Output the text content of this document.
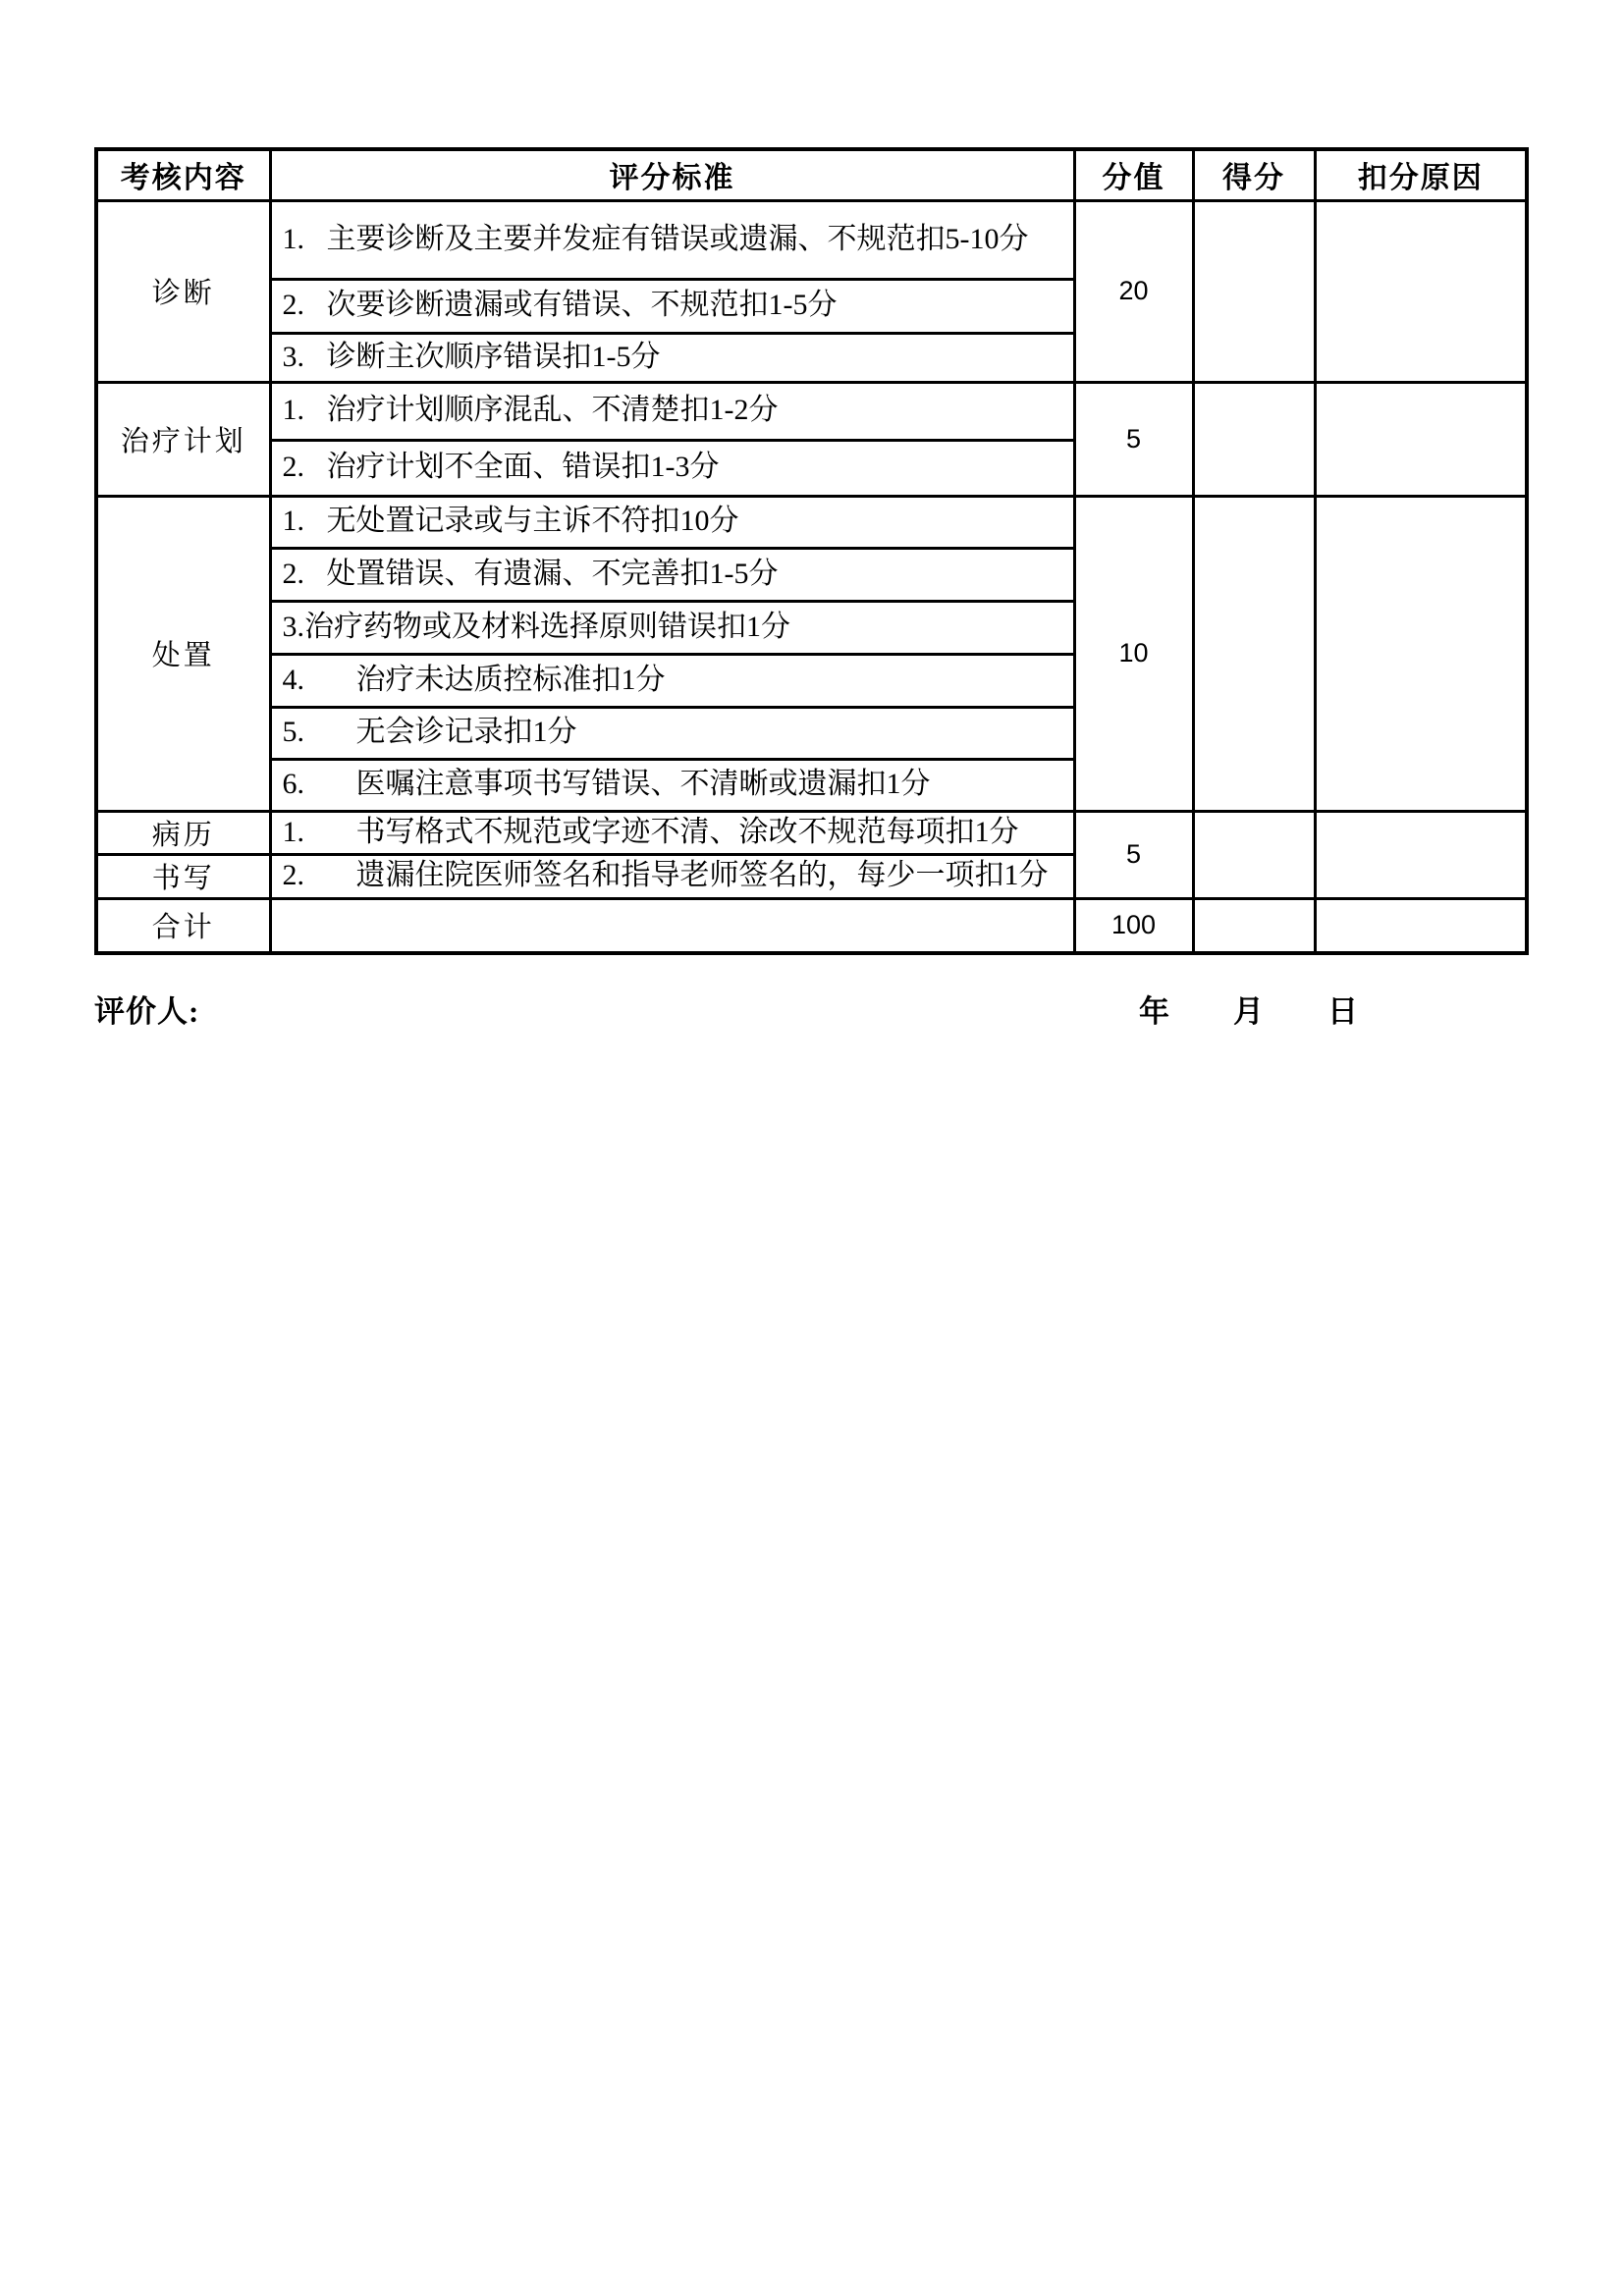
考核内容	评分标准	分值	得分	扣分原因
诊断	1.   主要诊断及主要并发症有错误或遗漏、不规范扣5-10分	20		
	2.   次要诊断遗漏或有错误、不规范扣1-5分			
	3.   诊断主次顺序错误扣1-5分			
治疗计划	1.   治疗计划顺序混乱、不清楚扣1-2分	5		
	2.   治疗计划不全面、错误扣1-3分			
处置	1.   无处置记录或与主诉不符扣10分	10		
	2.   处置错误、有遗漏、不完善扣1-5分			
	3.治疗药物或及材料选择原则错误扣1分			
	4.       治疗未达质控标准扣1分			
	5.       无会诊记录扣1分			
	6.       医嘱注意事项书写错误、不清晰或遗漏扣1分			
病历	1.       书写格式不规范或字迹不清、涂改不规范每项扣1分	5		
书写	2.       遗漏住院医师签名和指导老师签名的，每少一项扣1分			
合计		100		
评价人:	年 月 日
